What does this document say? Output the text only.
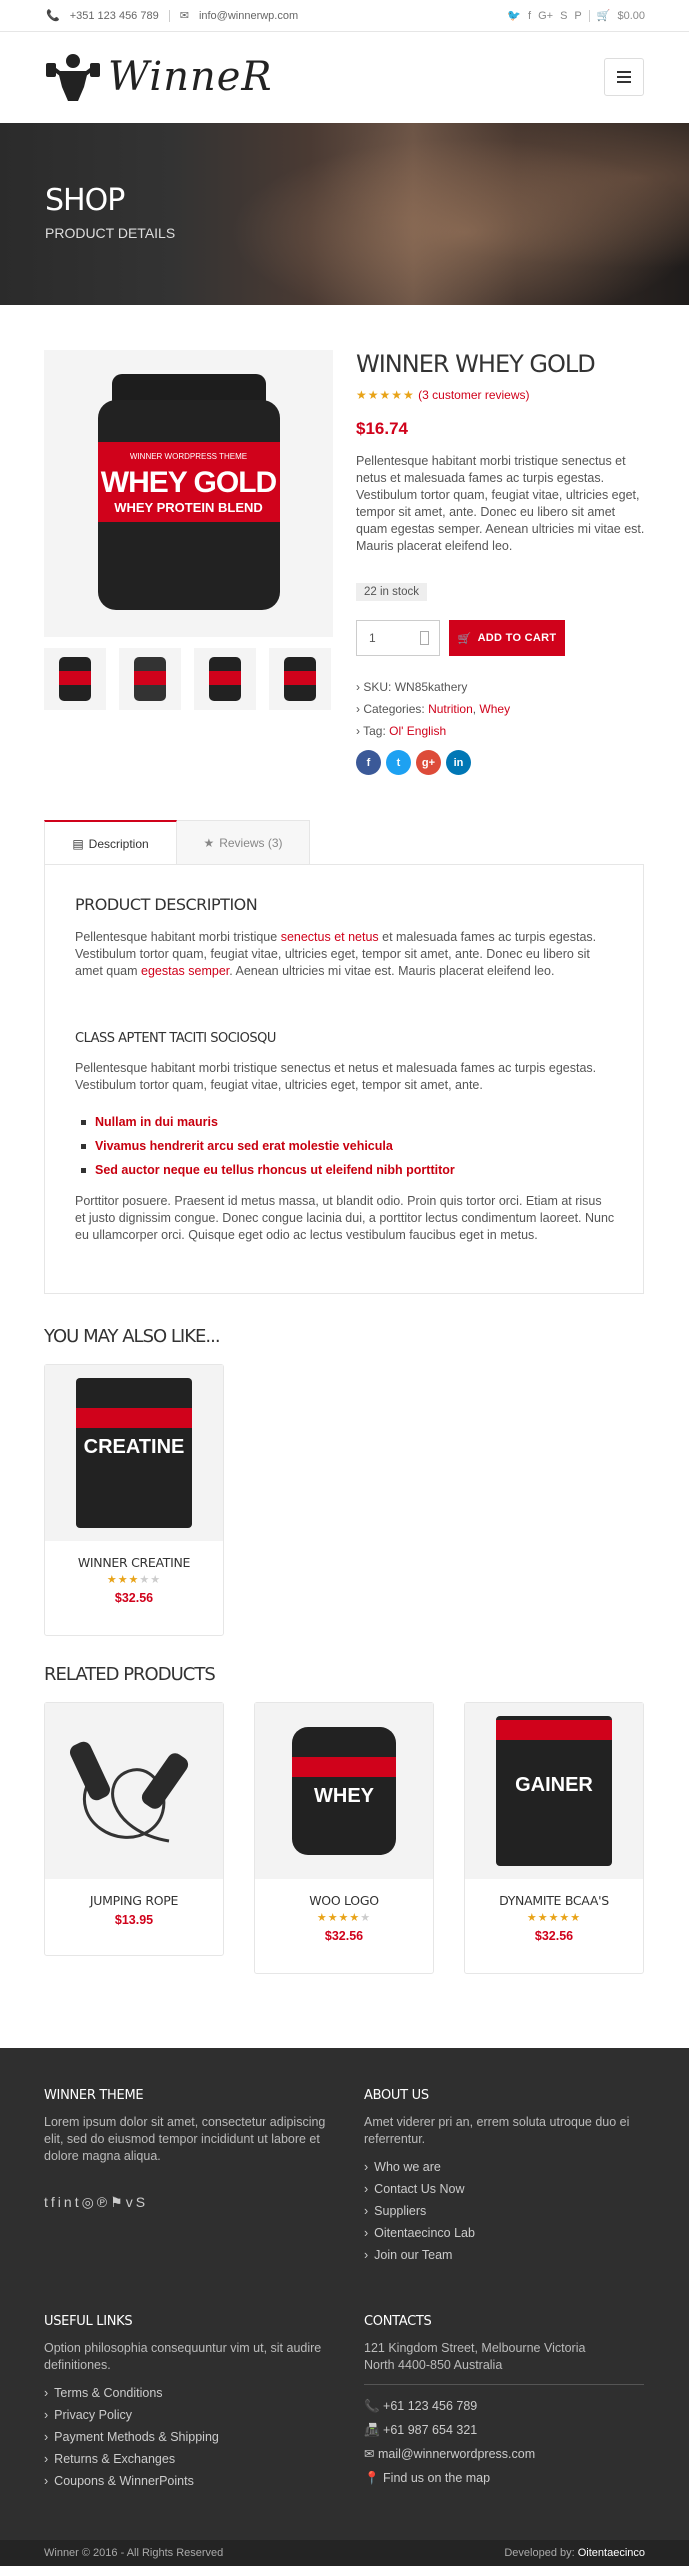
📞 +351 123 456 789 ✉ info@winnerwp.com	🐦 f G+ S P 🛒 $0.00
WinneR
SHOP
PRODUCT DETAILS
WINNER WORDPRESS THEME
WHEY GOLD
WHEY PROTEIN BLEND
WINNER WHEY GOLD
★★★★★ (3 customer reviews)
$16.74
Pellentesque habitant morbi tristique senectus et netus et malesuada fames ac turpis egestas. Vestibulum tortor quam, feugiat vitae, ultricies eget, tempor sit amet, ante. Donec eu libero sit amet quam egestas semper. Aenean ultricies mi vitae est. Mauris placerat eleifend leo.
22 in stock
1	🛒 ADD TO CART
› SKU: WN85kathery
› Categories: Nutrition, Whey
› Tag: Ol' English
f	t	g+	in
▤ Description	★ Reviews (3)
PRODUCT DESCRIPTION
Pellentesque habitant morbi tristique senectus et netus et malesuada fames ac turpis egestas. Vestibulum tortor quam, feugiat vitae, ultricies eget, tempor sit amet, ante. Donec eu libero sit amet quam egestas semper. Aenean ultricies mi vitae est. Mauris placerat eleifend leo.
CLASS APTENT TACITI SOCIOSQU
Pellentesque habitant morbi tristique senectus et netus et malesuada fames ac turpis egestas. Vestibulum tortor quam, feugiat vitae, ultricies eget, tempor sit amet, ante.
Nullam in dui mauris
Vivamus hendrerit arcu sed erat molestie vehicula
Sed auctor neque eu tellus rhoncus ut eleifend nibh porttitor
Porttitor posuere. Praesent id metus massa, ut blandit odio. Proin quis tortor orci. Etiam at risus et justo dignissim congue. Donec congue lacinia dui, a porttitor lectus condimentum laoreet. Nunc eu ullamcorper orci. Quisque eget odio ac lectus vestibulum faucibus eget in metus.
YOU MAY ALSO LIKE...
CREATINE
WINNER CREATINE
★★★★★
$32.56
RELATED PRODUCTS
JUMPING ROPE
$13.95
WHEY
WOO LOGO
★★★★★
$32.56
GAINER
DYNAMITE BCAA'S
★★★★★
$32.56
WINNER THEME
Lorem ipsum dolor sit amet, consectetur adipiscing elit, sed do eiusmod tempor incididunt ut labore et dolore magna aliqua.
tfint◎℗⚑vS
ABOUT US
Amet viderer pri an, errem soluta utroque duo ei referrentur.
› Who we are
› Contact Us Now
› Suppliers
› Oitentaecinco Lab
› Join our Team
USEFUL LINKS
Option philosophia consequuntur vim ut, sit audire definitiones.
› Terms & Conditions
› Privacy Policy
› Payment Methods & Shipping
› Returns & Exchanges
› Coupons & WinnerPoints
CONTACTS
121 Kingdom Street, Melbourne Victoria North 4400-850 Australia
📞 +61 123 456 789
📠 +61 987 654 321
✉ mail@winnerwordpress.com
📍 Find us on the map
Winner © 2016 - All Rights Reserved	Developed by: Oitentaecinco
